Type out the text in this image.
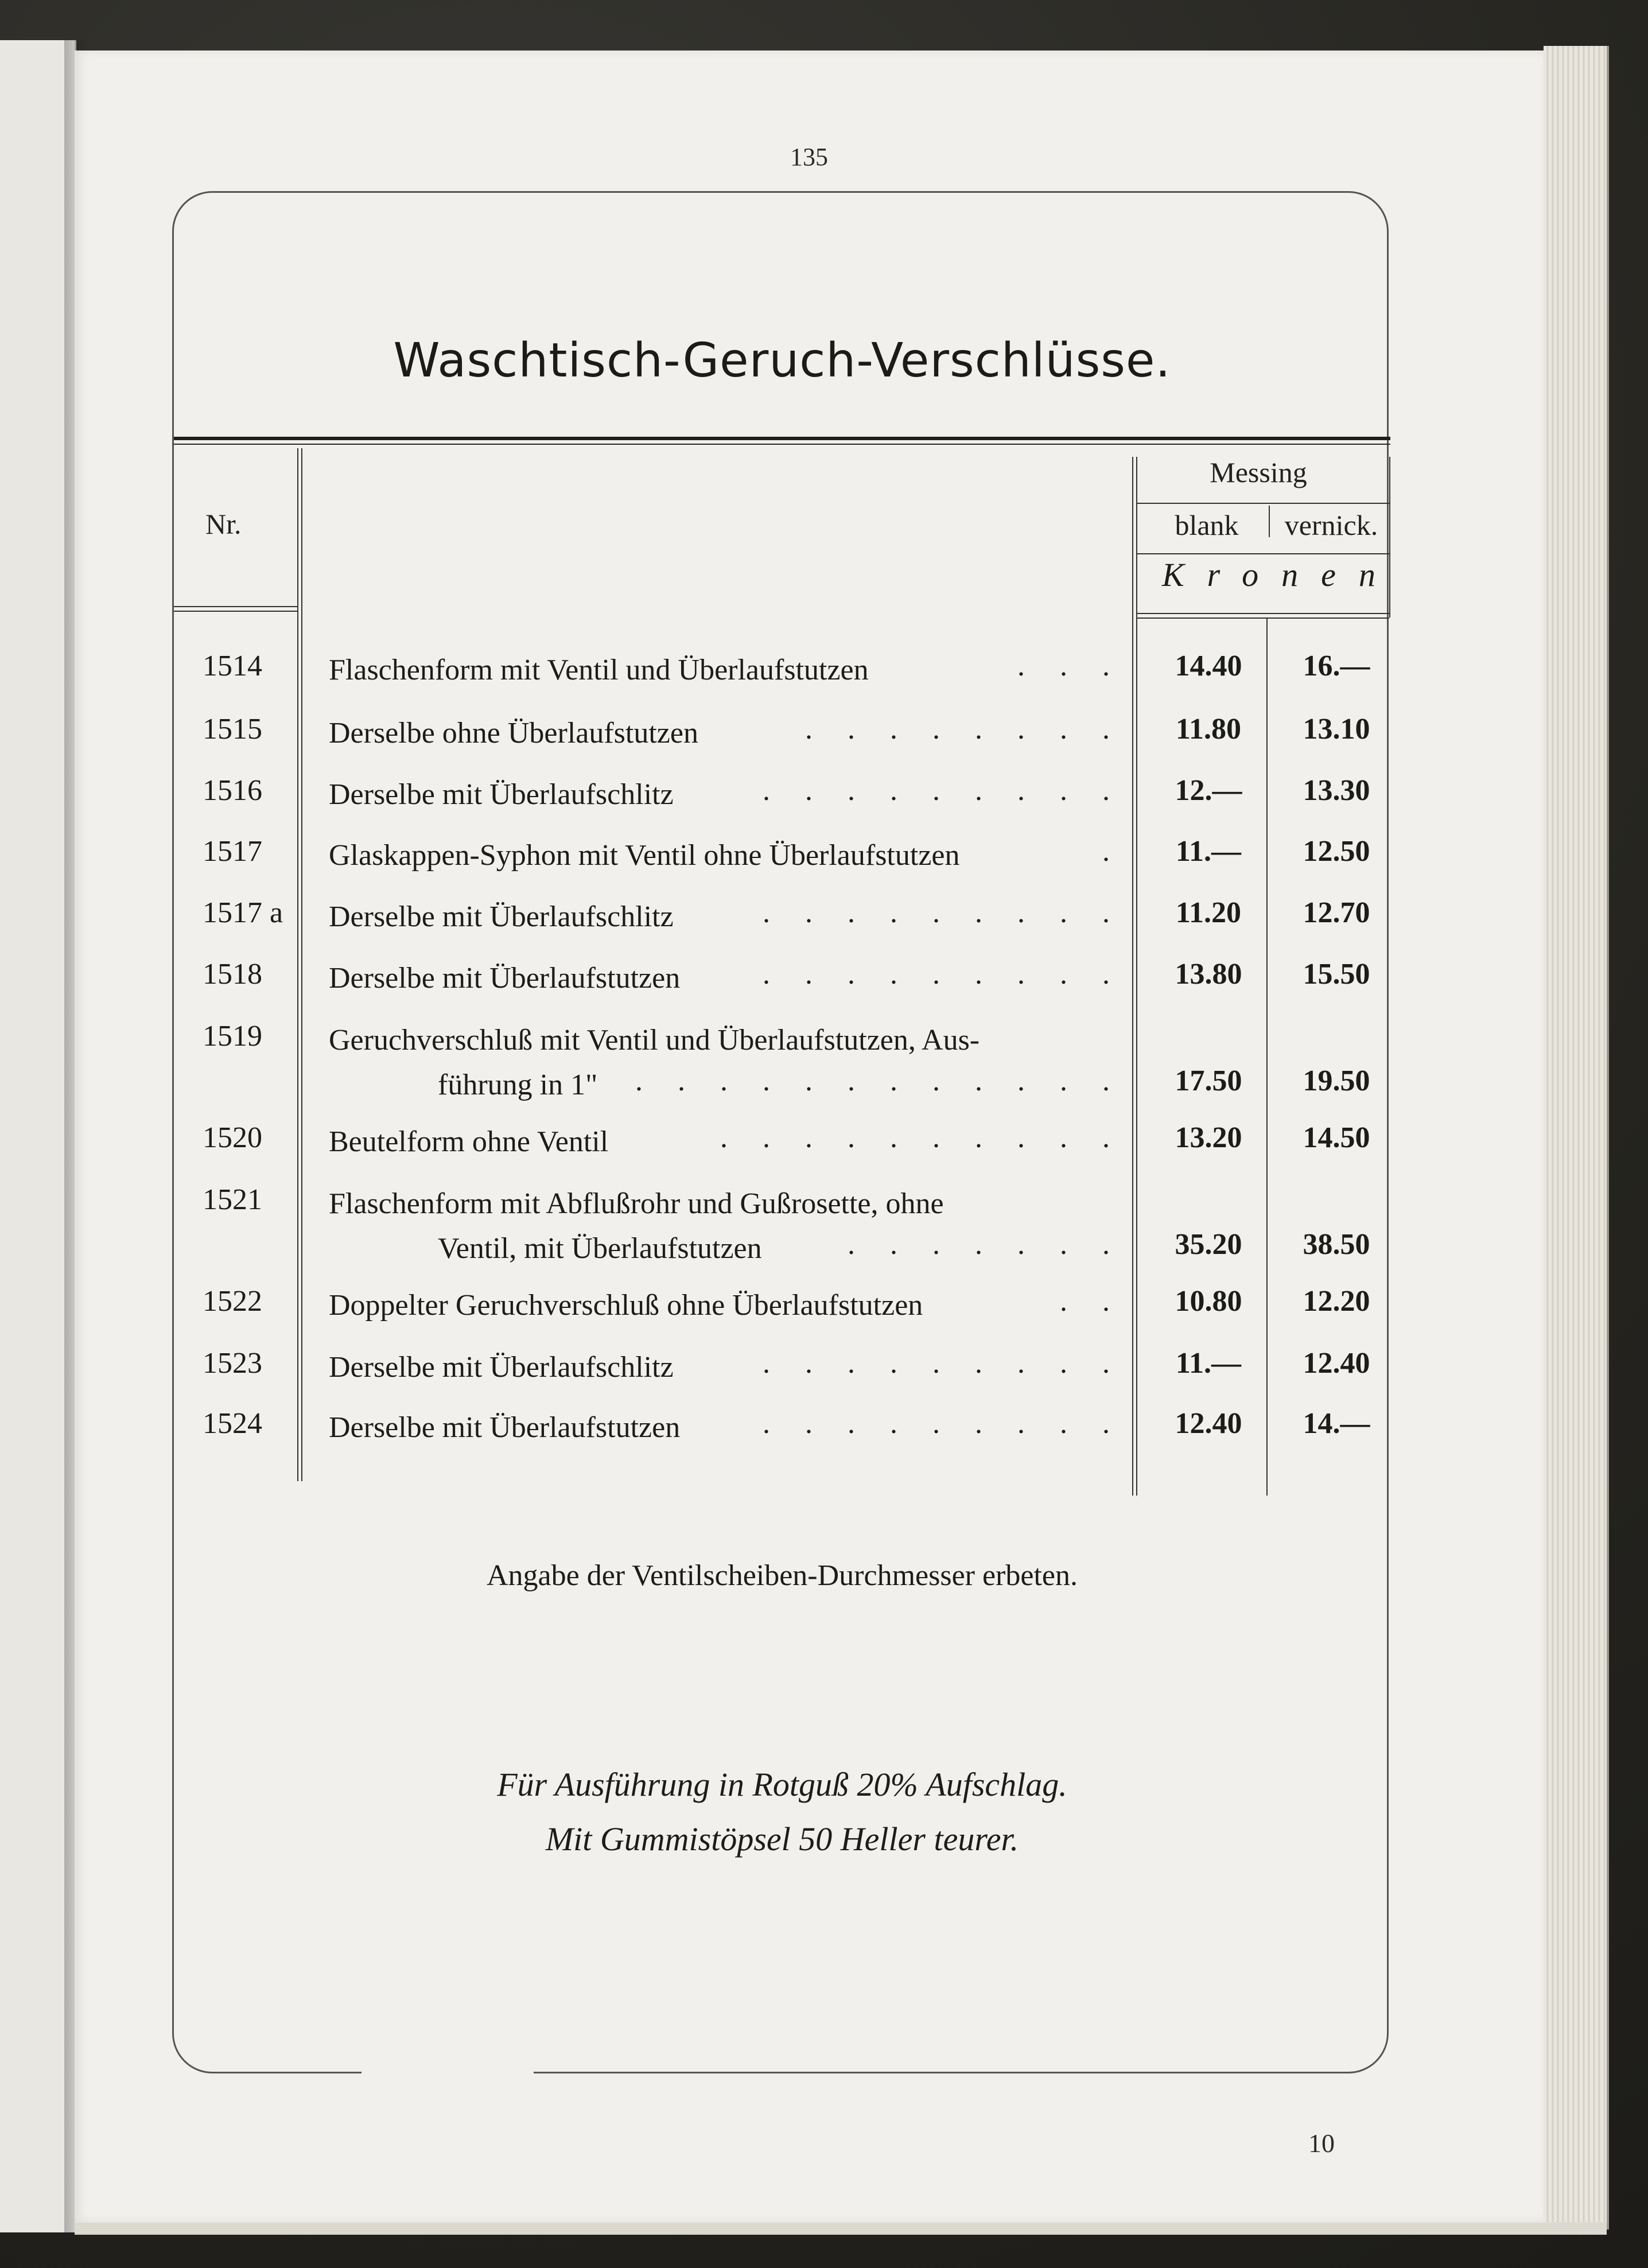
135
Waschtisch-Geruch-Verschlüsse.
Nr.
Messing
blank	vernick.
Kronen
1514 Flaschenform mit Ventil und Überlaufstutzen	. . .	14.40	16.—
1515 Derselbe ohne Überlaufstutzen	. . . . . . . .	11.80	13.10
1516 Derselbe mit Überlaufschlitz	. . . . . . . . .	12.—	13.30
1517 Glaskappen-Syphon mit Ventil ohne Überlaufstutzen	.	11.—	12.50
1517 a Derselbe mit Überlaufschlitz	. . . . . . . . .	11.20	12.70
1518 Derselbe mit Überlaufstutzen	. . . . . . . . .	13.80	15.50
1519 Geruchverschluß mit Ventil und Überlaufstutzen, Aus-
führung in 1"	. . . . . . . . . . . .	17.50	19.50
1520 Beutelform ohne Ventil	. . . . . . . . . .	13.20	14.50
1521 Flaschenform mit Abflußrohr und Gußrosette, ohne
Ventil, mit Überlaufstutzen	. . . . . . .	35.20	38.50
1522 Doppelter Geruchverschluß ohne Überlaufstutzen	. .	10.80	12.20
1523 Derselbe mit Überlaufschlitz	. . . . . . . . .	11.—	12.40
1524 Derselbe mit Überlaufstutzen	. . . . . . . . .	12.40	14.—
Angabe der Ventilscheiben-Durchmesser erbeten.
Für Ausführung in Rotguß 20% Aufschlag.
Mit Gummistöpsel 50 Heller teurer.
10
